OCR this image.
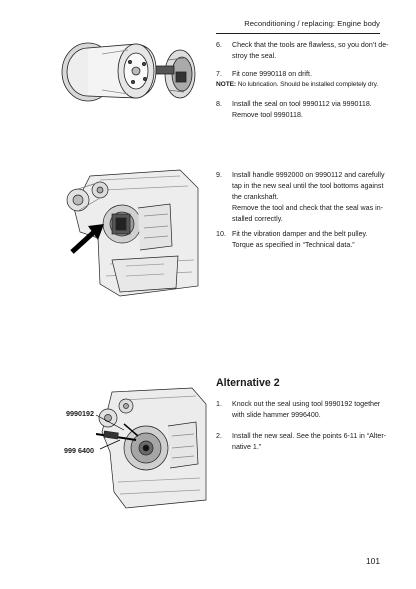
Reconditioning / replacing: Engine body
9990192
999 6400
6.	Check that the tools are flawless, so you don’t de-

stroy the seal.

7.	Fit cone 9990118 on drift.

NOTE: No lubrication. Should be installed completely dry.
8.	Install the seal on tool 9990112 via 9990118.

Remove tool 9990118.

9.	Install handle 9992000 on 9990112 and carefully

tap in the new seal until the tool bottoms against

the crankshaft.

Remove the tool and check that the seal was in-

stalled correctly.

10. Fit the vibration damper and the belt pulley.

Torque as specified in “Technical data.”

Alternative 2
1.	Knock out the seal using tool 9990192 together

with slide hammer 9996400.

2.	Install the new seal. See the points 6-11 in “Alter-

native 1.”

101
